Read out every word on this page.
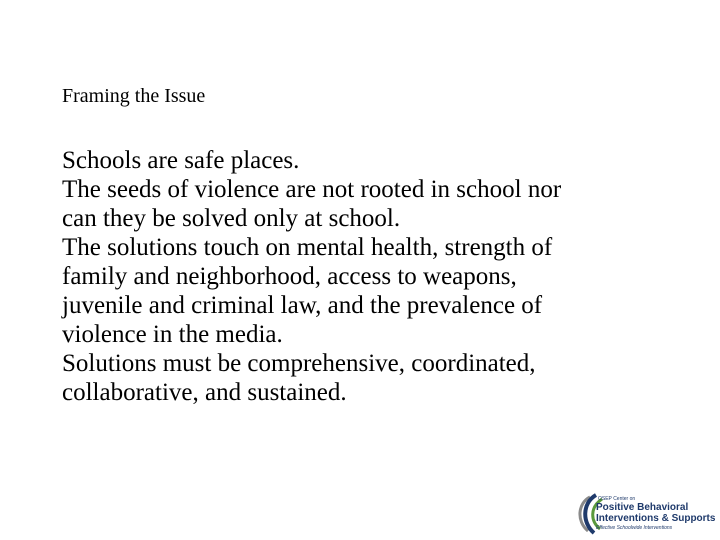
Framing the Issue
Schools are safe places.
The seeds of violence are not rooted in school nor
can they be solved only at school.
The solutions touch on mental health, strength of
family and neighborhood, access to weapons,
juvenile and criminal law, and the prevalence of
violence in the media.
Solutions must be comprehensive, coordinated,
collaborative, and sustained.
OSEP Center on
Positive Behavioral
Interventions & Supports
Effective Schoolwide Interventions
